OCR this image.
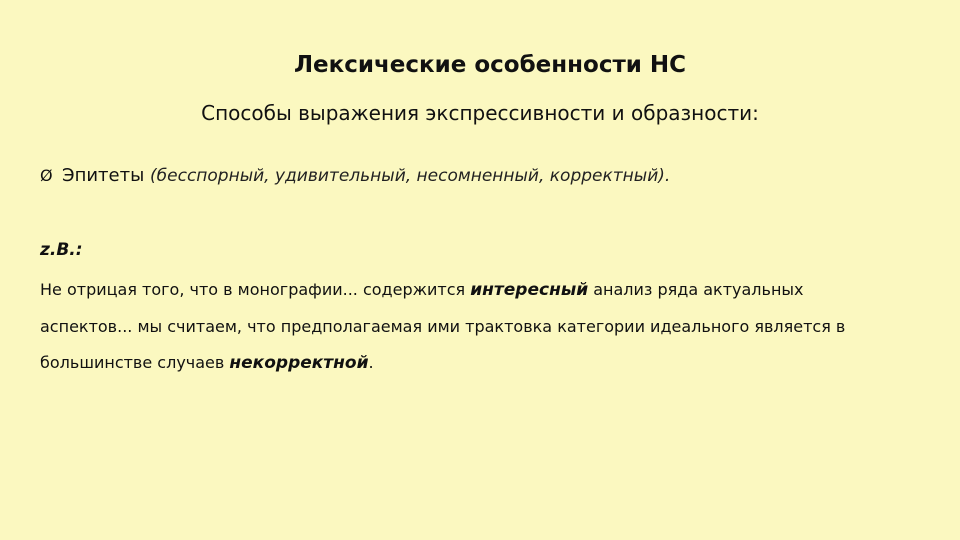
Лексические особенности НС
Способы выражения экспрессивности и образности:
Ø Эпитеты (бесспорный, удивительный, несомненный, корректный).
z.B.:
Не отрицая того, что в монографии... содержится интересный анализ ряда актуальных
аспектов... мы считаем, что предполагаемая ими трактовка категории идеального является в
большинстве случаев некорректной.
